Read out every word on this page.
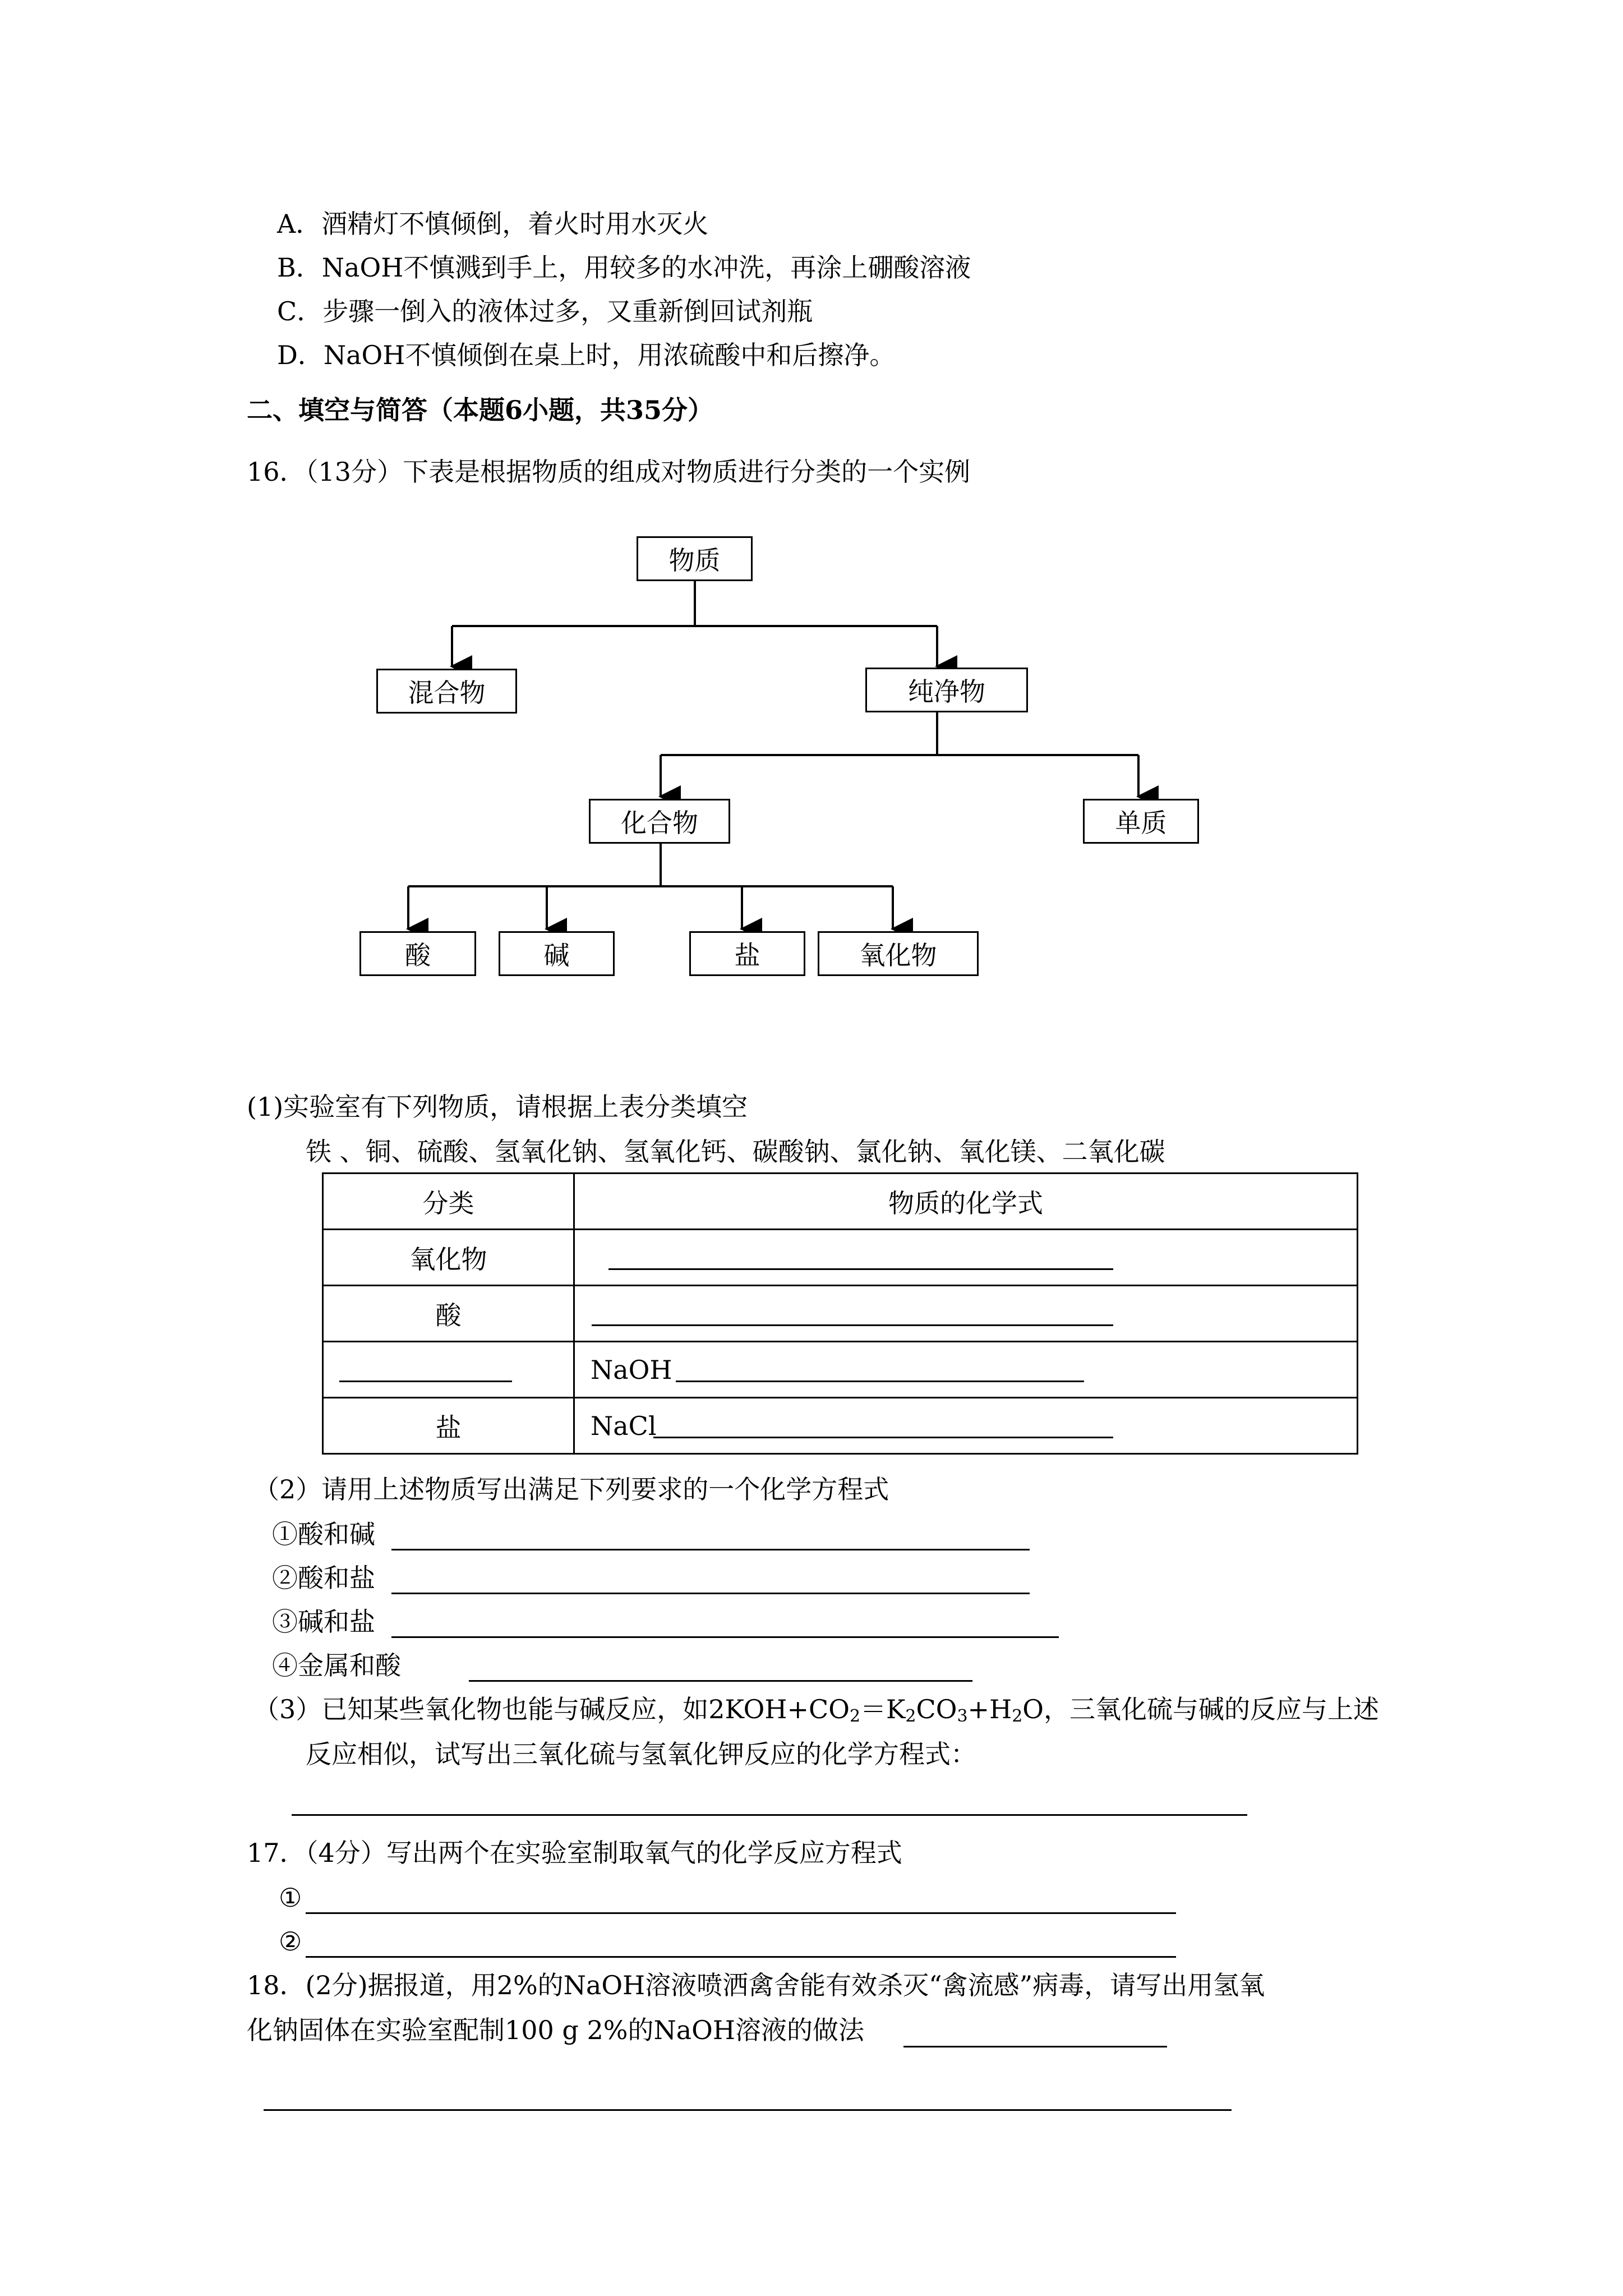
A．酒精灯不慎倾倒，着火时用水灭火
B．NaOH不慎溅到手上，用较多的水冲洗，再涂上硼酸溶液
C．步骤一倒入的液体过多，又重新倒回试剂瓶
D．NaOH不慎倾倒在桌上时，用浓硫酸中和后擦净。
二、填空与简答（本题6小题，共35分）
16．（13分）下表是根据物质的组成对物质进行分类的一个实例
物质
混合物	纯净物
化合物	单质
酸	碱	盐	氧化物
(1)实验室有下列物质，请根据上表分类填空
铁 、铜、硫酸、氢氧化钠、氢氧化钙、碳酸钠、氯化钠、氧化镁、二氧化碳
分类	物质的化学式
氧化物	

酸	

	NaOH

盐	NaCl
（2）请用上述物质写出满足下列要求的一个化学方程式
①酸和碱
②酸和盐
③碱和盐
④金属和酸
（3）已知某些氧化物也能与碱反应，如$2KOH+CO_2=K_2CO_3+H_2O$，三氧化硫与碱的反应与上述
反应相似，试写出三氧化硫与氢氧化钾反应的化学方程式：
17．（4分）写出两个在实验室制取氧气的化学反应方程式
①
②
18．(2分)据报道，用2%的NaOH溶液喷洒禽舍能有效杀灭“禽流感”病毒，请写出用氢氧
化钠固体在实验室配制100 g 2%的NaOH溶液的做法
